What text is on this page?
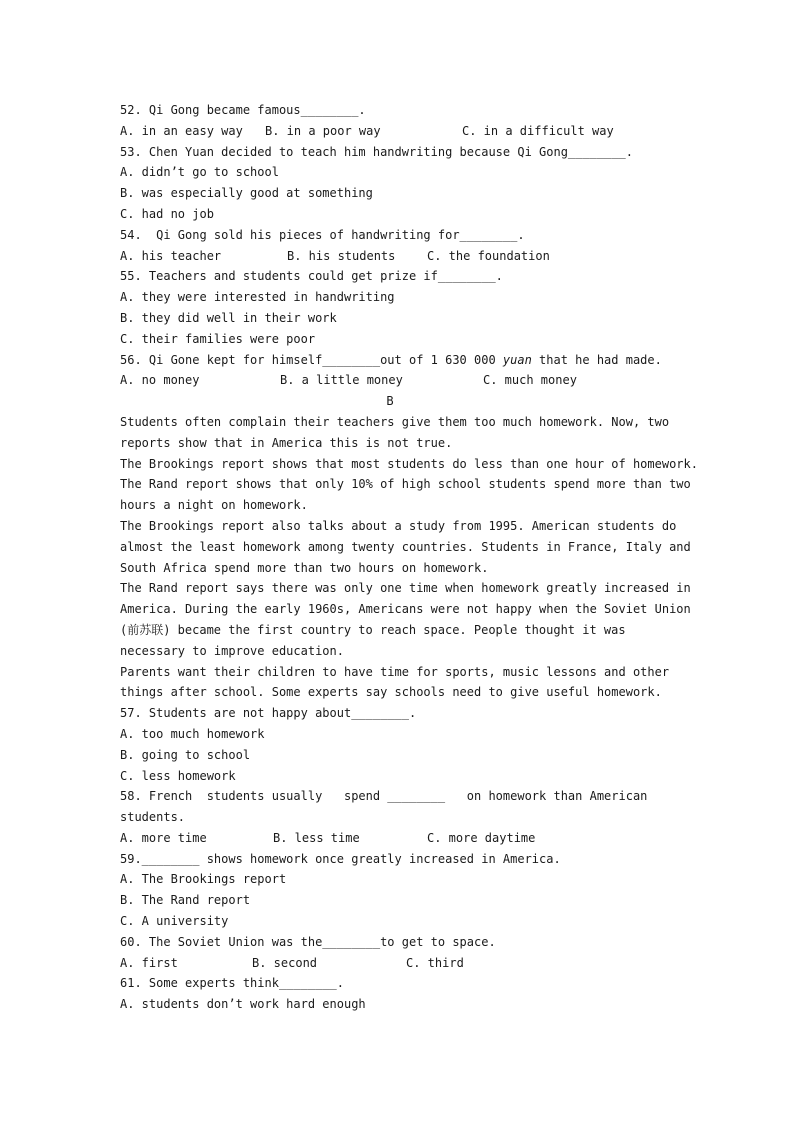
52. Qi Gong became famous________.

A. in an easy way

B. in a poor way

	C. in a difficult way

53. Chen Yuan decided to teach him handwriting because Qi Gong________.
A. didn’t go to school
B. was especially good at something
C. had no job
54.  Qi Gong sold his pieces of handwriting for________.

A. his teacher

	B. his students

	C. the foundation

55. Teachers and students could get prize if________.
A. they were interested in handwriting
B. they did well in their work
C. their families were poor
56. Qi Gone kept for himself________out of 1 630 000 yuan that he had made.

A. no money

	B. a little money

	C. much money

B
Students often complain their teachers give them too much homework. Now, two
reports show that in America this is not true.
The Brookings report shows that most students do less than one hour of homework.
The Rand report shows that only 10% of high school students spend more than two
hours a night on homework.
The Brookings report also talks about a study from 1995. American students do
almost the least homework among twenty countries. Students in France, Italy and
South Africa spend more than two hours on homework.
The Rand report says there was only one time when homework greatly increased in
America. During the early 1960s, Americans were not happy when the Soviet Union
(前苏联) became the first country to reach space. People thought it was
necessary to improve education.
Parents want their children to have time for sports, music lessons and other
things after school. Some experts say schools need to give useful homework.
57. Students are not happy about________.
A. too much homework
B. going to school
C. less homework
58. French  students usually   spend ________   on homework than American
students.

A. more time

	B. less time

	C. more daytime

59.________ shows homework once greatly increased in America.
A. The Brookings report
B. The Rand report
C. A university
60. The Soviet Union was the________to get to space.

A. first

	B. second

	C. third

61. Some experts think________.
A. students don’t work hard enough
